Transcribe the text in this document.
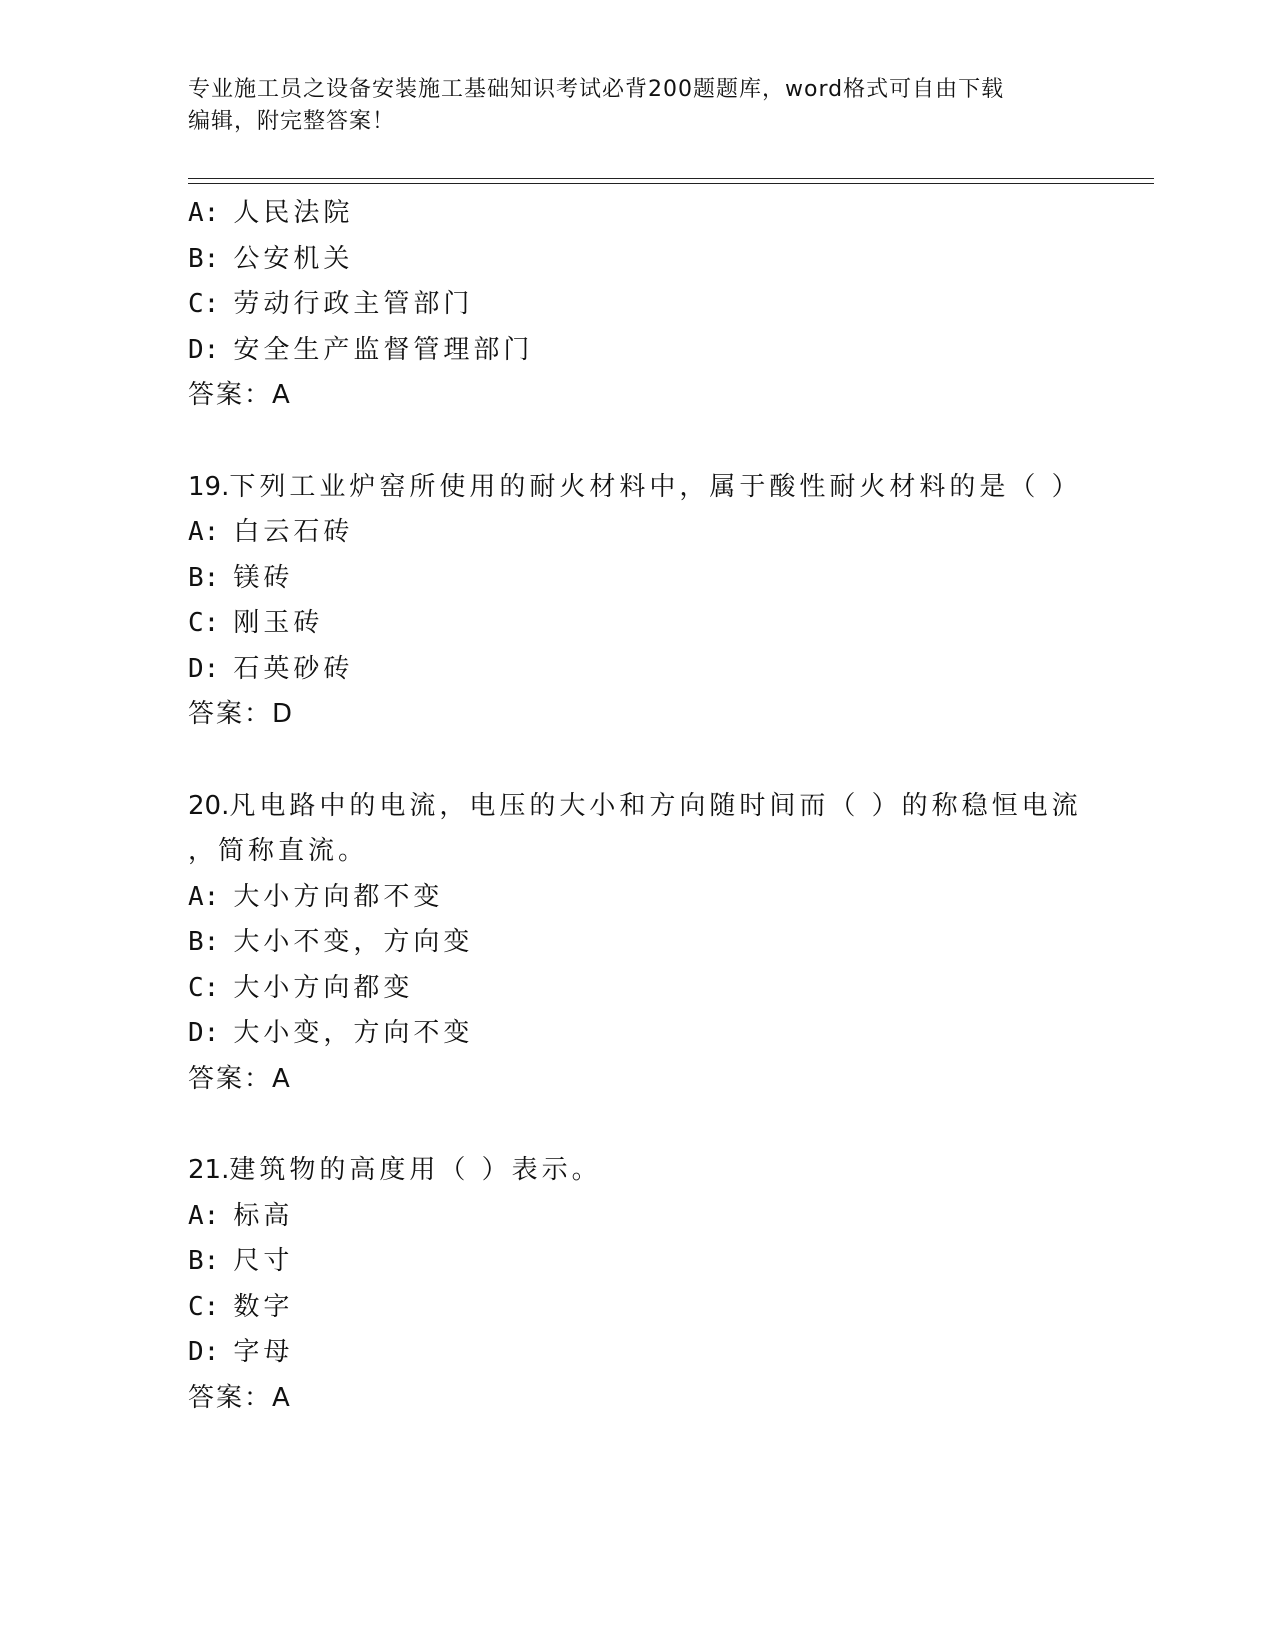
专业施工员之设备安装施工基础知识考试必背200题题库，word格式可自由下载
编辑，附完整答案！
A: 人民法院
B: 公安机关
C: 劳动行政主管部门
D: 安全生产监督管理部门
答案：A
19.下列工业炉窑所使用的耐火材料中，属于酸性耐火材料的是（ ）
A: 白云石砖
B: 镁砖
C: 刚玉砖
D: 石英砂砖
答案：D
20.凡电路中的电流，电压的大小和方向随时间而（ ）的称稳恒电流
，简称直流。
A: 大小方向都不变
B: 大小不变，方向变
C: 大小方向都变
D: 大小变，方向不变
答案：A
21.建筑物的高度用（ ）表示。
A: 标高
B: 尺寸
C: 数字
D: 字母
答案：A
